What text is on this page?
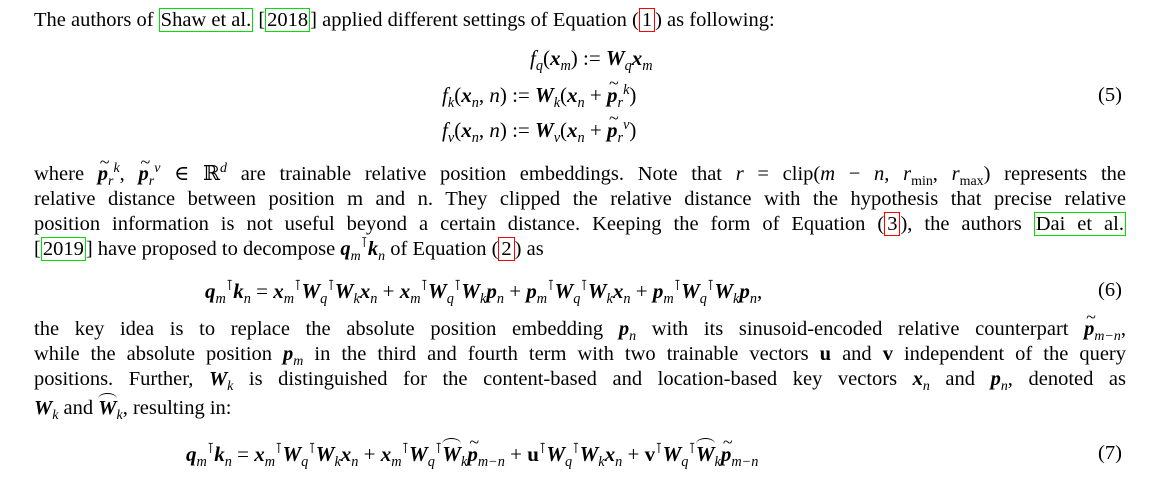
The authors of Shaw et al. [2018] applied different settings of Equation ( 1 ) as following:
$f_q(x_m)$ := $W_qx_m$
$f_k(x_n$, n) := $W_k(x_n$ + ~ $p_r^k$)
$f_v(x_n$, n) := $W_v(x_n$ + ~ $p_r^v$)
(5)
where ~ $p_r^k$, ~ $p_r^v$ ∈ ℝ$^d$ are trainable relative position embeddings. Note that r = clip(m − n, $r_{min}$, $r_{max}$) represents the
relative distance between position m and n. They clipped the relative distance with the hypothesis that precise relative
position information is not useful beyond a certain distance. Keeping the form of Equation ( 3 ), the authors Dai et al.
[2019] have proposed to decompose $q_m^⊺k_n$ of Equation ( 2 ) as
$q_m^⊺k_n = x_m^⊺W_q^⊺W_kx_n + x_m^⊺W_q^⊺W_kp_n + p_m^⊺W_q^⊺W_kx_n + p_m^⊺W_q^⊺W_kp_n$,	(6)
the key idea is to replace the absolute position embedding $p_n$ with its sinusoid-encoded relative counterpart ~ $p_{m-n}$,
while the absolute position $p_m$ in the third and fourth term with two trainable vectors u and v independent of the query
positions. Further, $W_k$ is distinguished for the content-based and location-based key vectors $x_n$ and $p_n$, denoted as
$W_k$ and $W_k$, resulting in:
$q_m^⊺k_n = x_m^⊺W_q^⊺W_kx_n$ + $x_m^⊺W_q^⊺W_k\sim$ $p_{m-n} + u^⊺W_q^⊺W_kx_n$ + $v^⊺W_q^⊺W_k\sim$ $p_{m-n}$	(7)
